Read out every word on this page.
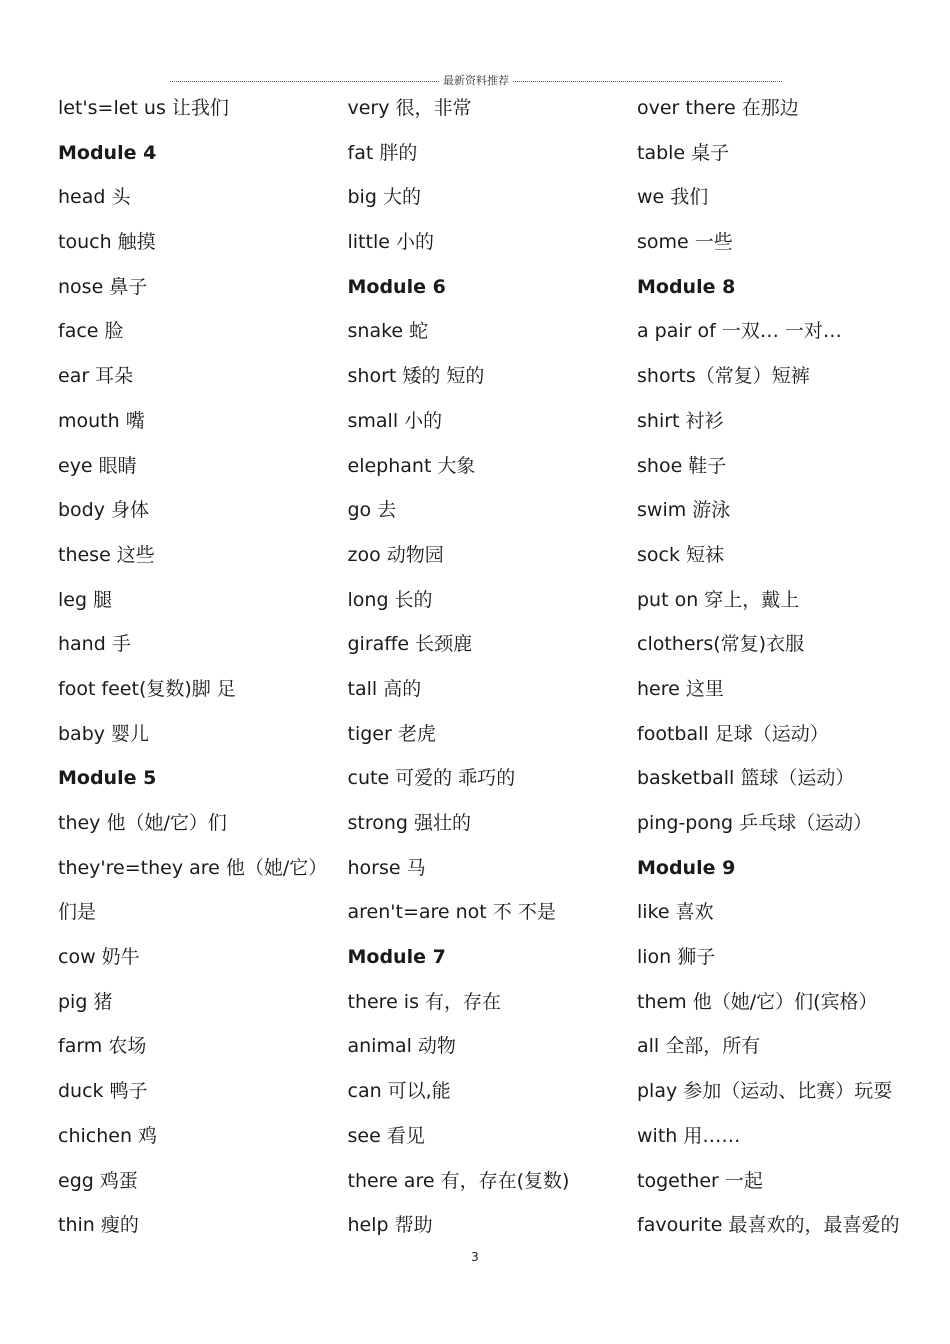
最新资料推荐
let's=let us 让我们
Module 4
head 头
touch 触摸
nose 鼻子
face 脸
ear 耳朵
mouth 嘴
eye 眼睛
body 身体
these 这些
leg 腿
hand 手
foot feet(复数)脚 足
baby 婴儿
Module 5
they 他（她/它）们
they're=they are 他（她/它）
们是
cow 奶牛
pig 猪
farm 农场
duck 鸭子
chichen 鸡
egg 鸡蛋
thin 瘦的
very 很，非常
fat 胖的
big 大的
little 小的
Module 6
snake 蛇
short 矮的 短的
small 小的
elephant 大象
go 去
zoo 动物园
long 长的
giraffe 长颈鹿
tall 高的
tiger 老虎
cute 可爱的 乖巧的
strong 强壮的
horse 马
aren't=are not 不 不是
Module 7
there is 有，存在
animal 动物
can 可以,能
see 看见
there are 有，存在(复数)
help 帮助
over there 在那边
table 桌子
we 我们
some 一些
Module 8
a pair of 一双… 一对…
shorts（常复）短裤
shirt 衬衫
shoe 鞋子
swim 游泳
sock 短袜
put on 穿上，戴上
clothers(常复)衣服
here 这里
football 足球（运动）
basketball 篮球（运动）
ping-pong 乒乓球（运动）
Module 9
like 喜欢
lion 狮子
them 他（她/它）们(宾格）
all 全部，所有
play 参加（运动、比赛）玩耍
with 用……
together 一起
favourite 最喜欢的，最喜爱的
3
